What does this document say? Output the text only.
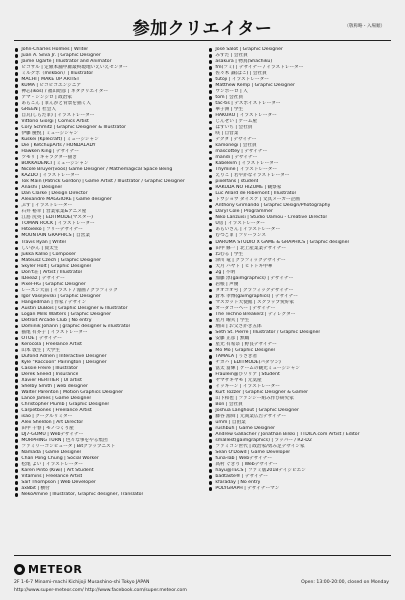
参加クリエイター	（敬称略・入場順）
John-Charles Holmes | Writer
Juan A. Silva Jr. | Graphic Designer
Jaime Ugarte | Illustrator and Animator
ピコサル | 定額本舗中庸最終現地いえいえセンター
ミルクボ（milkbon）| Illustrator
MACHI | MAKE UP ARTIST
KUMA | ピコピコエンジニア
神芯(ikos) / 福山昭彦 | ネタクリエイター
アマ・シンジロ | 政治家
あらこん | まんがと背景を描く人
GREEN | 社会人
自瓦(しらたま) | イラストレーター
Vittorio Giorgi | Comics Artist
Cory Schmitz | Graphic Designer & Illustrator
伊藤 慶悦 | ミュージシャン
Kuskei (Kplecraft) | ミュージシャン
Die | KetchupArts / HONDALADY
Hawken King | デザイナー
ツモリ | キャラクター描き
BOKKADENCI | ミュージシャン
Nicole Bruyer(voos) Game Designer / Mathemagical Space Being
KAZDO | イラストレーター
Tok Main (Patrick Gordon) | Game Artist / Illustrator / Graphic Designer
Anashi | Designer
Dan Clarke | Design Director
Alexandre MAGGIORE | Game designer
ぶす | イラストレーター
石井 裕幸 | 営業家業&アニメ屋
江島 尻英 | EDITMODE(マスター)
TOMAN ROCK | イラストレーター
Hitoieiko | フリーデザイナー
MOUNTAIN GRAPHICS | 自営業
Travis Ryan | Writer
しいかん | 資太生
Jukka Kallio | Composer
Mateusz Czech | Graphic Designer
Skyler Holt | Graphic Designer
Don't荘 | Artist / Illustrator
IDeeaz | デザイナー
Pixel-HG | Graphic Designer
レーズン大前 | イラスト / 漫画 / グラフィック
Igor Vasiljevski | Graphic Designer
Hangedman | 作家 / デザイン
Austin DuBois | Graphic Designer & Illustrator
Logan Mills Walters | Graphic Designer
Detroit Arcade Club | No entry
Dominik Johann | graphic designer & illustrator
猫尾 有芥子 | イラストレーター
OTOE | デザイナー
Kerocola | Freelance Artist
山本 敦生 | 大学生
Dufond Adrien | Interactive Designer
Kyle "Raccoon" Pairington | Designer
Cassie Freire | Illustrator
Derek Sneed | Insurance
Xavier HERITIER | UI artist
Shelby Smith | web designer
Walter Parenton | Motion Graphics Designer
Lance James | Game Designer
Christopher Plumb | Graphic Designer
Carpetbones | Freelance Artist
isao | グーグルリミター
Alex Sheldon | Art Director
田中 千春 | モノづくり屋
DJ7-GOMU | Webデザイナー
MORPHING TURN | 色々な事をやる集団
ファミリーコンピュータ | Bitグラップニスト
Namada | Game Designer
Chan Pong Chung | Social Worker
松尾 よい | イラストレーター
Karen Pinto (Kiwi) | Art Student
Vitamins | Freelance Artist
Saif Thompson | Web Developer
ax8bit | 横付
NekoAmine | Illustrator, Graphic designer, Translator
José Salot | Graphic Designer
みすた | 会社員
asakura | 物真(Shachiku)
fm(フミ) | デザイナー / イラストレーター
佐々木 誠(ぱこ) | 会社員
tutoji | イラストレーター
Matthew Kemp | Graphic Designer
ウンボーロ | 人
tom | 会社員
tac-tis | デスボイストレーター
華子洲 | 学生
HAKURO | イラストレーター
じんせい | ゲーム屋
はすいち | 会社員
咲 | 自営業
テクタ | デザイナー
kamonegi | 会社員
mascottey | デザイナー
mandi | デザイナー
Kabeleim | イラストレーター
Thymine | イラストレーター
えりこ | 若やかなイラストレーター
pixelfans | student
RAKUDA NO HIZUME | 観察家
Luc Allard de Ribemont | Illustrator
トウジョウ ダイスケ | 文具メーカー企画
Anthony Grimando | Graphic Design/Photography
Daryl Cole | Programmer
Niko Lanzuisi | Studio Uamou - Creative Director
U房 | イラストレーター
あらいさん | イラストレーター
むつごま | フリーランス
DARUMA STUDIO X GAME & GRAPHICS | Graphic designer
田中 修一 | 北上産業業デザイナー
ねむる | 学生
津川 竜 | グラフィックデザイナー
大月 ハヤト | ヒトトキ中華
2g | 不明
加藤 淳(gaimgraphics) | デザイナー
岩根 | 声優
タオコオ号 | グラフィックデザイナー
倉木 孝博(gaimgraphics) | デザイナー
マスカット大使館 | スクラップ愛好家
オーダコーヘー | デザイナー
The Techno Breakerz | ディレクター
星月 曜夫 | 学生
増田 | お父さかき五郎
Seth St. Pierre | Illustrator / Graphic Designer
安藤 正彦 | 無職
星光 有希奈 | 野良デザイナー
Mo Mo | Graphic Designer
TAMALA | うさぎ者
チカハ | EDITMODE(パダワン)
富太 富輝 | ゲームの観光ミュージシャン
Fraulein@ぴリリア | Student
ヤマザキヤモ | 元気屋
イッキーン | イラストレーター
Kurt Tozzer | Graphic Designer & Gamer
山下和也 | ファンシー組み作び研究家
Bon | 会社員
Joshua Langhout | Graphic Designer
藤谷 鴻舜 | 元商業広告デザイナー
umm | 自由業
rushbuh | Game Designer
Andrew Gallacher / Jonathan Bilski | TTDILA.com Artist / Editor
smallest(gaimgraphics) | ラッパー / R2-D2
ファミコン世代 | 政治家/勇み足デザイン家
Sean O'Dowd | Game Developer
funa-lab | Webデザイナー
高村 ぐぎり | Webデザイナー
hayu@TECS | ファミ版2018テイジピエン
badtaste® | デザイナー
kfaraday | No entry
POLYGRAPH | デザイナーマン
METEOR
2F 1-6-7 Minami-machi Kichijoji Musashino-shi Tokyo JAPAN	Open: 13:00-20:00, closed on Monday
http://www.super-meteor.com/ http://www.facebook.com/super.meteor.com
